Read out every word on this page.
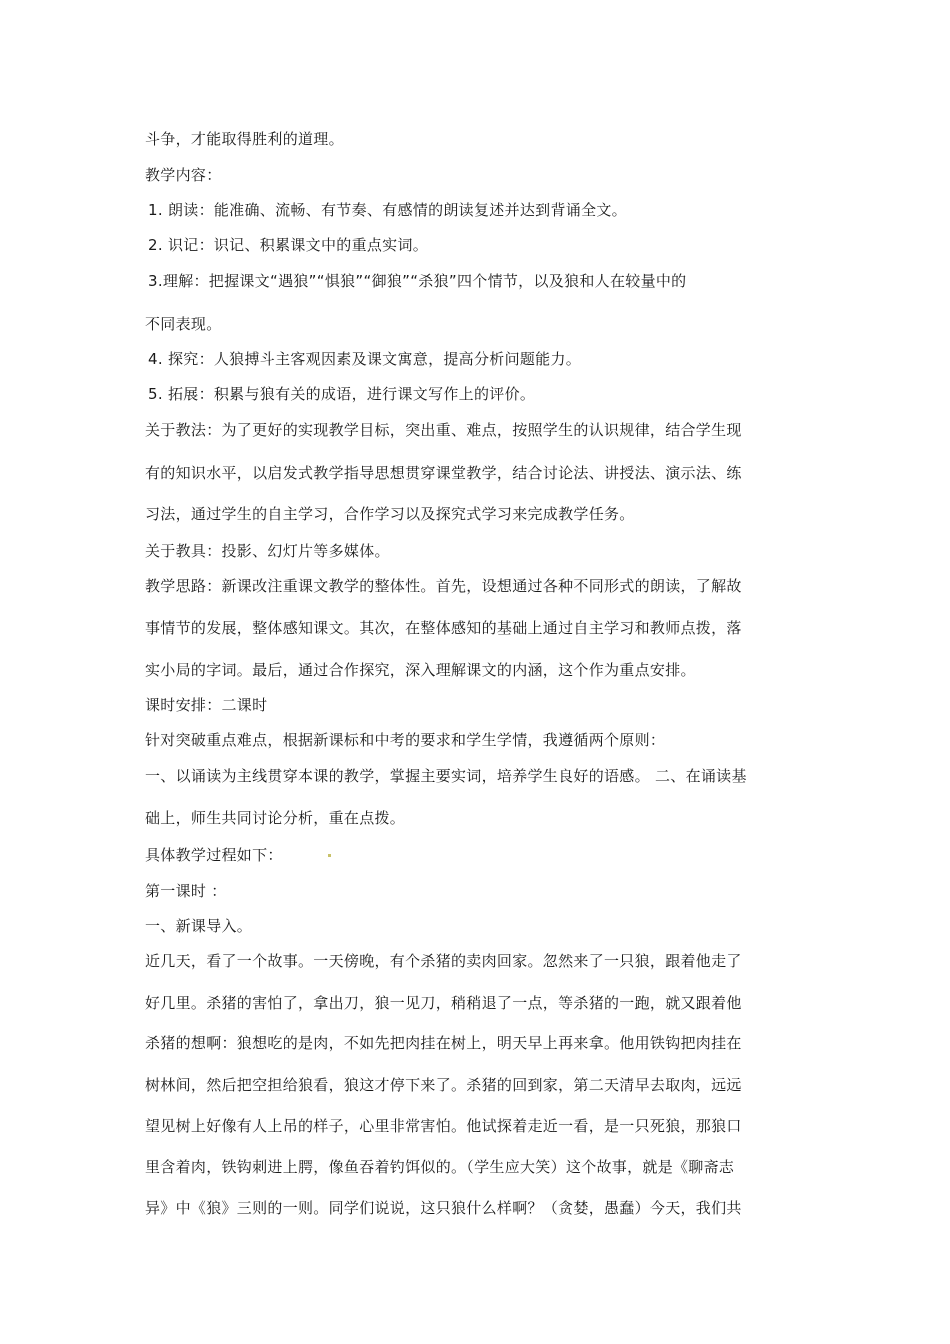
斗争，才能取得胜利的道理。
教学内容：
1. 朗读：能准确、流畅、有节奏、有感情的朗读复述并达到背诵全文。
2. 识记：识记、积累课文中的重点实词。
3.理解：把握课文“遇狼”“惧狼”“御狼”“杀狼”四个情节，以及狼和人在较量中的
不同表现。
4. 探究：人狼搏斗主客观因素及课文寓意，提高分析问题能力。
5. 拓展：积累与狼有关的成语，进行课文写作上的评价。
关于教法：为了更好的实现教学目标，突出重、难点，按照学生的认识规律，结合学生现
有的知识水平，以启发式教学指导思想贯穿课堂教学，结合讨论法、讲授法、演示法、练
习法，通过学生的自主学习，合作学习以及探究式学习来完成教学任务。
关于教具：投影、幻灯片等多媒体。
教学思路：新课改注重课文教学的整体性。首先，设想通过各种不同形式的朗读，了解故
事情节的发展，整体感知课文。其次，在整体感知的基础上通过自主学习和教师点拨，落
实小局的字词。最后，通过合作探究，深入理解课文的内涵，这个作为重点安排。
课时安排：二课时
针对突破重点难点，根据新课标和中考的要求和学生学情，我遵循两个原则：
一、以诵读为主线贯穿本课的教学，掌握主要实词，培养学生良好的语感。 二、在诵读基
础上，师生共同讨论分析，重在点拨。
具体教学过程如下：
第一课时 ：
一、新课导入。
近几天，看了一个故事。一天傍晚，有个杀猪的卖肉回家。忽然来了一只狼，跟着他走了
好几里。杀猪的害怕了，拿出刀，狼一见刀，稍稍退了一点，等杀猪的一跑，就又跟着他
杀猪的想啊：狼想吃的是肉，不如先把肉挂在树上，明天早上再来拿。他用铁钩把肉挂在
树林间，然后把空担给狼看，狼这才停下来了。杀猪的回到家，第二天清早去取肉，远远
望见树上好像有人上吊的样子，心里非常害怕。他试探着走近一看，是一只死狼，那狼口
里含着肉，铁钩刺进上腭，像鱼吞着钓饵似的。（学生应大笑）这个故事，就是《聊斋志
异》中《狼》三则的一则。同学们说说，这只狼什么样啊？（贪婪，愚蠢）今天，我们共
